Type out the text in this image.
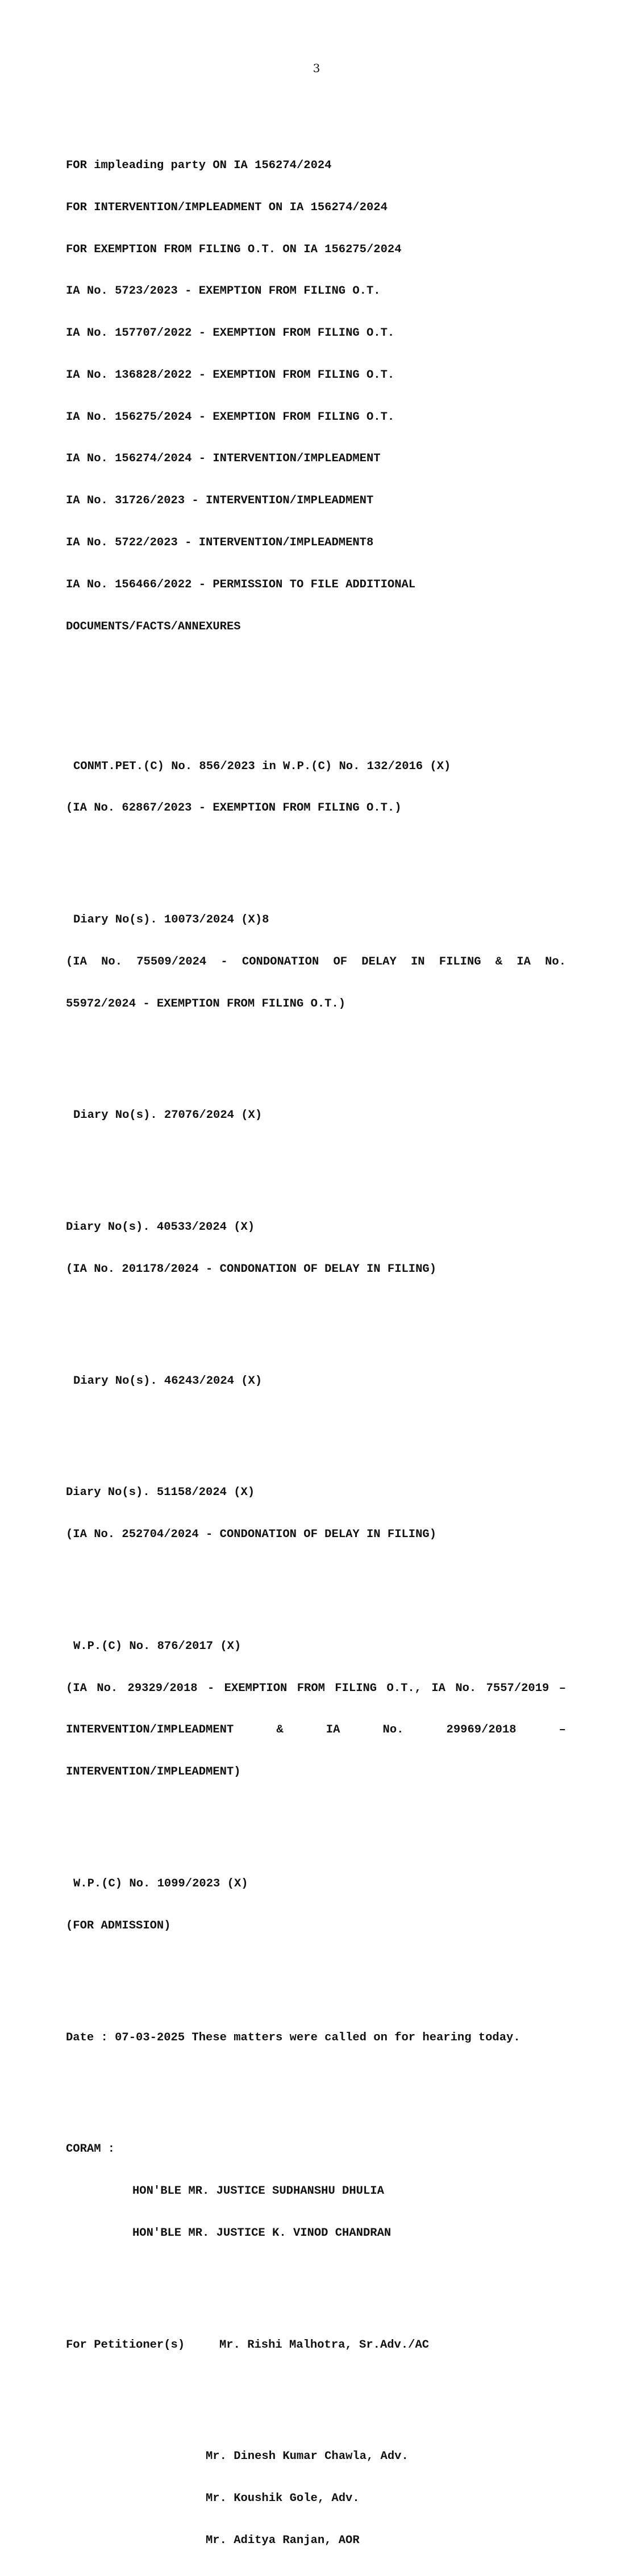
3

FOR impleading party ON IA 156274/2024

FOR INTERVENTION/IMPLEADMENT ON IA 156274/2024

FOR EXEMPTION FROM FILING O.T. ON IA 156275/2024

IA No. 5723/2023 - EXEMPTION FROM FILING O.T.

IA No. 157707/2022 - EXEMPTION FROM FILING O.T.

IA No. 136828/2022 - EXEMPTION FROM FILING O.T.

IA No. 156275/2024 - EXEMPTION FROM FILING O.T.

IA No. 156274/2024 - INTERVENTION/IMPLEADMENT

IA No. 31726/2023 - INTERVENTION/IMPLEADMENT

IA No. 5722/2023 - INTERVENTION/IMPLEADMENT8

IA No. 156466/2022 - PERMISSION TO FILE ADDITIONAL

DOCUMENTS/FACTS/ANNEXURES

CONMT.PET.(C) No. 856/2023 in W.P.(C) No. 132/2016 (X)

(IA No. 62867/2023 - EXEMPTION FROM FILING O.T.)

Diary No(s). 10073/2024 (X)8

(IA No. 75509/2024 - CONDONATION OF DELAY IN FILING & IA No.

55972/2024 - EXEMPTION FROM FILING O.T.)

Diary No(s). 27076/2024 (X)

Diary No(s). 40533/2024 (X)

(IA No. 201178/2024 - CONDONATION OF DELAY IN FILING)

Diary No(s). 46243/2024 (X)

Diary No(s). 51158/2024 (X)

(IA No. 252704/2024 - CONDONATION OF DELAY IN FILING)

W.P.(C) No. 876/2017 (X)

(IA No. 29329/2018 - EXEMPTION FROM FILING O.T., IA No. 7557/2019 –

INTERVENTION/IMPLEADMENT & IA No. 29969/2018 –

INTERVENTION/IMPLEADMENT)

W.P.(C) No. 1099/2023 (X)

(FOR ADMISSION)

Date : 07-03-2025 These matters were called on for hearing today.

CORAM :

HON'BLE MR. JUSTICE SUDHANSHU DHULIA

HON'BLE MR. JUSTICE K. VINOD CHANDRAN

For Petitioner(s)	Mr. Rishi Malhotra, Sr.Adv./AC

Mr. Dinesh Kumar Chawla, Adv.

Mr. Koushik Gole, Adv.

Mr. Aditya Ranjan, AOR
